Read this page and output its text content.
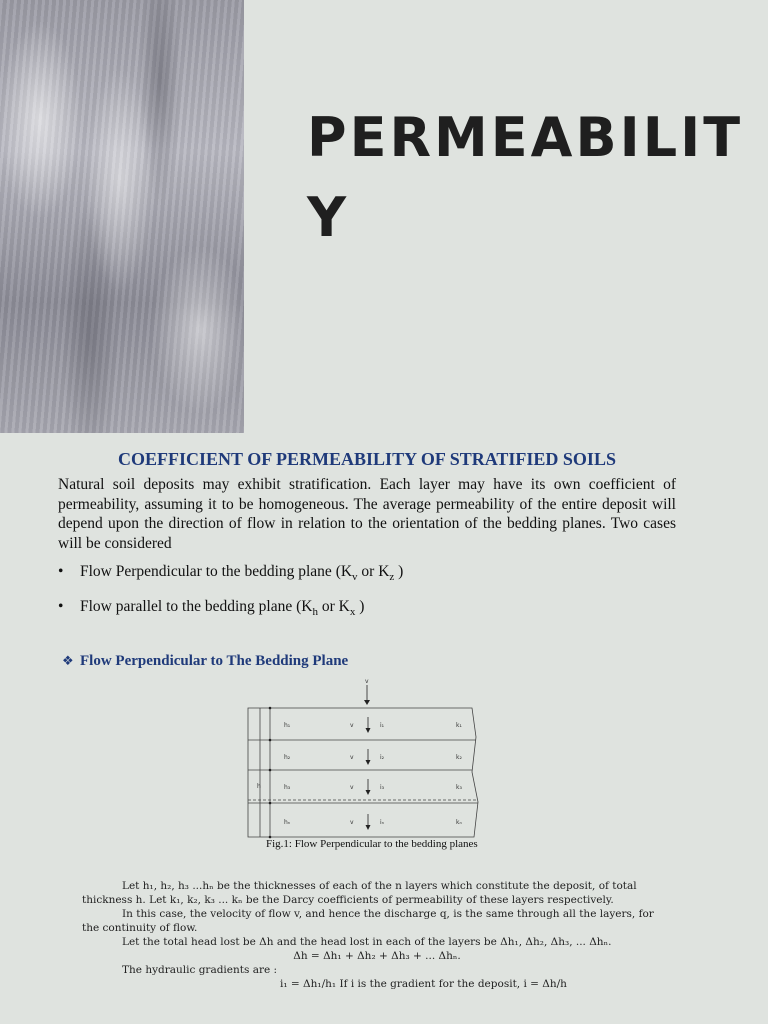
PERMEABILITY
COEFFICIENT OF PERMEABILITY OF STRATIFIED SOILS
Natural soil deposits may exhibit stratification. Each layer may have its own coefficient of permeability, assuming it to be homogeneous. The average permeability of the entire deposit will depend upon the direction of flow in relation to the orientation of the bedding planes. Two cases will be considered
• Flow Perpendicular to the bedding plane ($K_v$ or $K_z$ )
• Flow parallel to the bedding plane ($K_h$ or $K_x$ )
❖ Flow Perpendicular to The Bedding Plane
v
h
h₁	v	i₁	k₁
h₂	v	i₂	k₂
h₃	v	i₃	k₃
hₙ	v	iₙ	kₙ
Fig.1: Flow Perpendicular to the bedding planes

Let h₁, h₂, h₃ ...hₙ be the thicknesses of each of the n layers which constitute the deposit, of total thickness h. Let k₁, k₂, k₃ ... kₙ be the Darcy coefficients of permeability of these layers respectively.

In this case, the velocity of flow v, and hence the discharge q, is the same through all the layers, for the continuity of flow.

Let the total head lost be Δh and the head lost in each of the layers be Δh₁, Δh₂, Δh₃, ... Δhₙ.

Δh = Δh₁ + Δh₂ + Δh₃ + ... Δhₙ.

The hydraulic gradients are :

i₁ = Δh₁/h₁ If i is the gradient for the deposit, i = Δh/h
